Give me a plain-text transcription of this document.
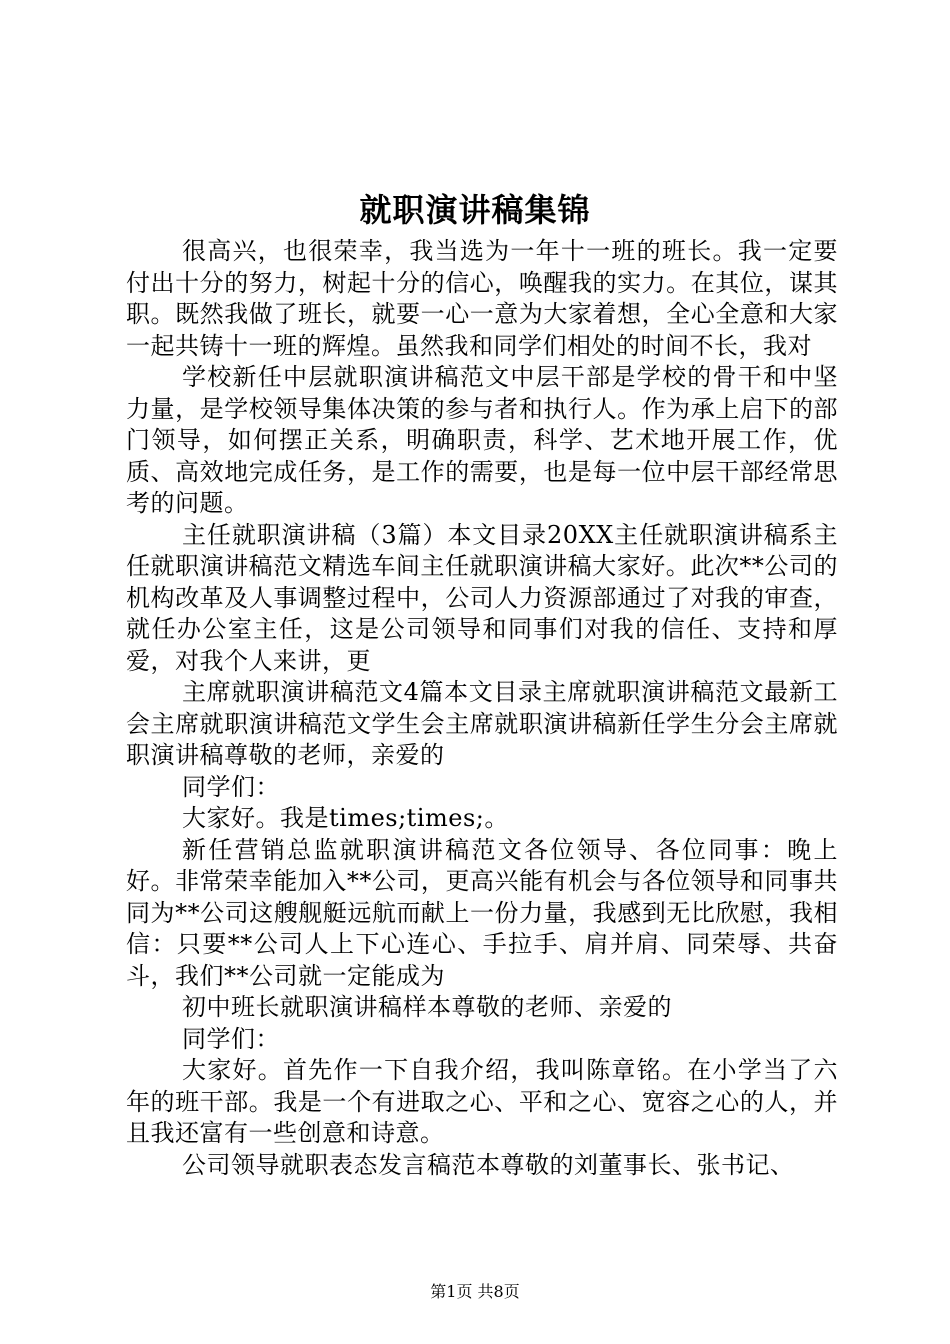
就职演讲稿集锦

很高兴，也很荣幸，我当选为一年十一班的班长。我一定要付出十分的努力，树起十分的信心，唤醒我的实力。在其位，谋其职。既然我做了班长，就要一心一意为大家着想，全心全意和大家一起共铸十一班的辉煌。虽然我和同学们相处的时间不长，我对

学校新任中层就职演讲稿范文中层干部是学校的骨干和中坚力量，是学校领导集体决策的参与者和执行人。作为承上启下的部门领导，如何摆正关系，明确职责，科学、艺术地开展工作，优质、高效地完成任务，是工作的需要，也是每一位中层干部经常思考的问题。

主任就职演讲稿（3篇）本文目录20XX主任就职演讲稿系主任就职演讲稿范文精选车间主任就职演讲稿大家好。此次**公司的机构改革及人事调整过程中，公司人力资源部通过了对我的审查，就任办公室主任，这是公司领导和同事们对我的信任、支持和厚爱，对我个人来讲，更

主席就职演讲稿范文4篇本文目录主席就职演讲稿范文最新工会主席就职演讲稿范文学生会主席就职演讲稿新任学生分会主席就职演讲稿尊敬的老师，亲爱的

同学们：

大家好。我是times;times;。

新任营销总监就职演讲稿范文各位领导、各位同事：晚上好。非常荣幸能加入**公司，更高兴能有机会与各位领导和同事共同为**公司这艘舰艇远航而献上一份力量，我感到无比欣慰，我相信：只要**公司人上下心连心、手拉手、肩并肩、同荣辱、共奋斗，我们**公司就一定能成为

初中班长就职演讲稿样本尊敬的老师、亲爱的

同学们：

大家好。首先作一下自我介绍，我叫陈章铭。在小学当了六年的班干部。我是一个有进取之心、平和之心、宽容之心的人，并且我还富有一些创意和诗意。

公司领导就职表态发言稿范本尊敬的刘董事长、张书记、

第1页 共8页
